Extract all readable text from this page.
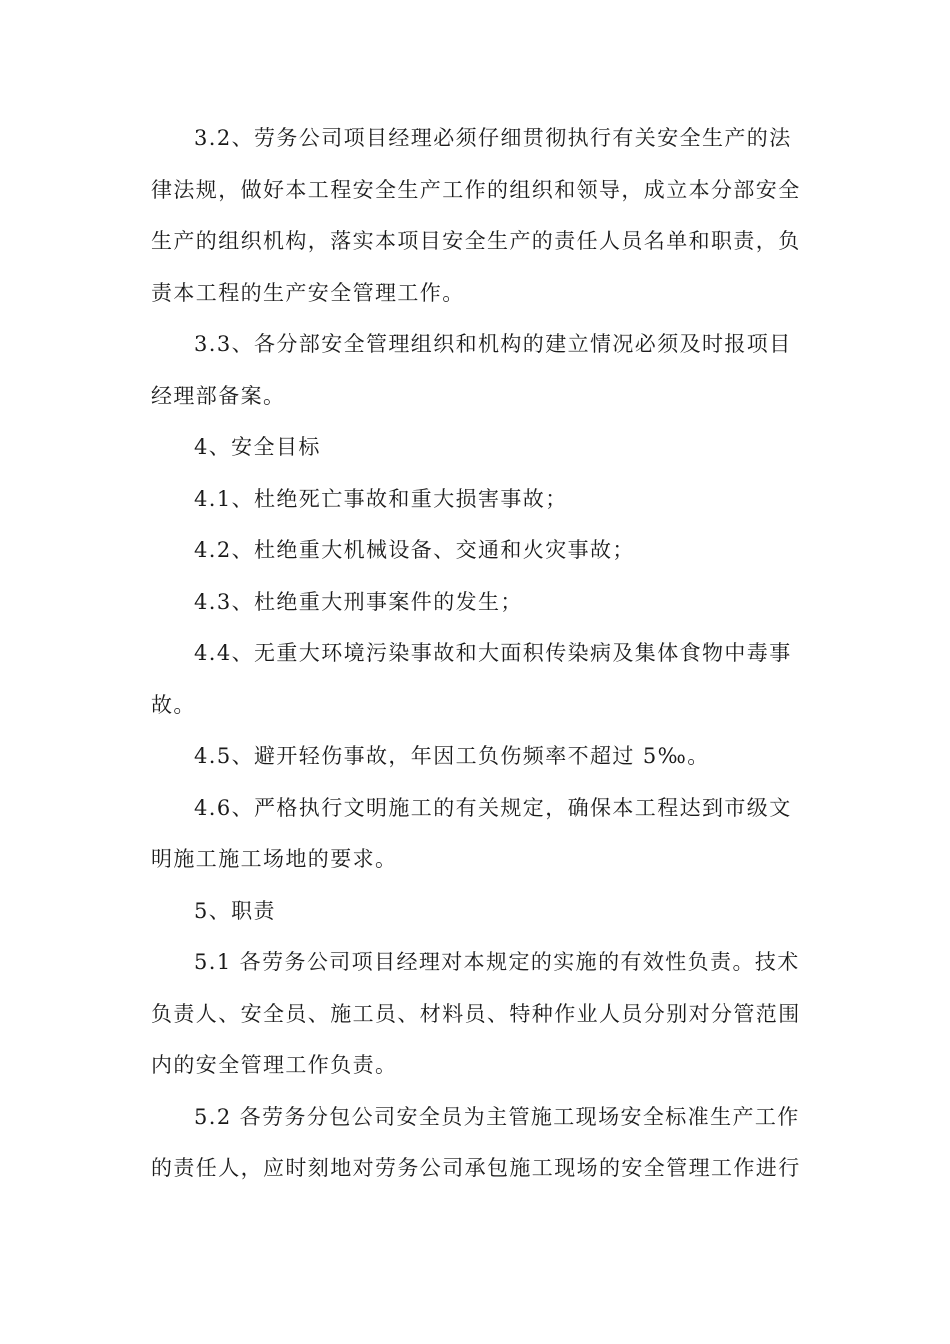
3.2、劳务公司项目经理必须仔细贯彻执行有关安全生产的法
律法规，做好本工程安全生产工作的组织和领导，成立本分部安全
生产的组织机构，落实本项目安全生产的责任人员名单和职责，负
责本工程的生产安全管理工作。

3.3、各分部安全管理组织和机构的建立情况必须及时报项目
经理部备案。

4、安全目标

4.1、杜绝死亡事故和重大损害事故；

4.2、杜绝重大机械设备、交通和火灾事故；

4.3、杜绝重大刑事案件的发生；

4.4、无重大环境污染事故和大面积传染病及集体食物中毒事
故。

4.5、避开轻伤事故，年因工负伤频率不超过 5‰。

4.6、严格执行文明施工的有关规定，确保本工程达到市级文
明施工施工场地的要求。

5、职责

5.1 各劳务公司项目经理对本规定的实施的有效性负责。技术
负责人、安全员、施工员、材料员、特种作业人员分别对分管范围
内的安全管理工作负责。

5.2 各劳务分包公司安全员为主管施工现场安全标准生产工作
的责任人，应时刻地对劳务公司承包施工现场的安全管理工作进行
